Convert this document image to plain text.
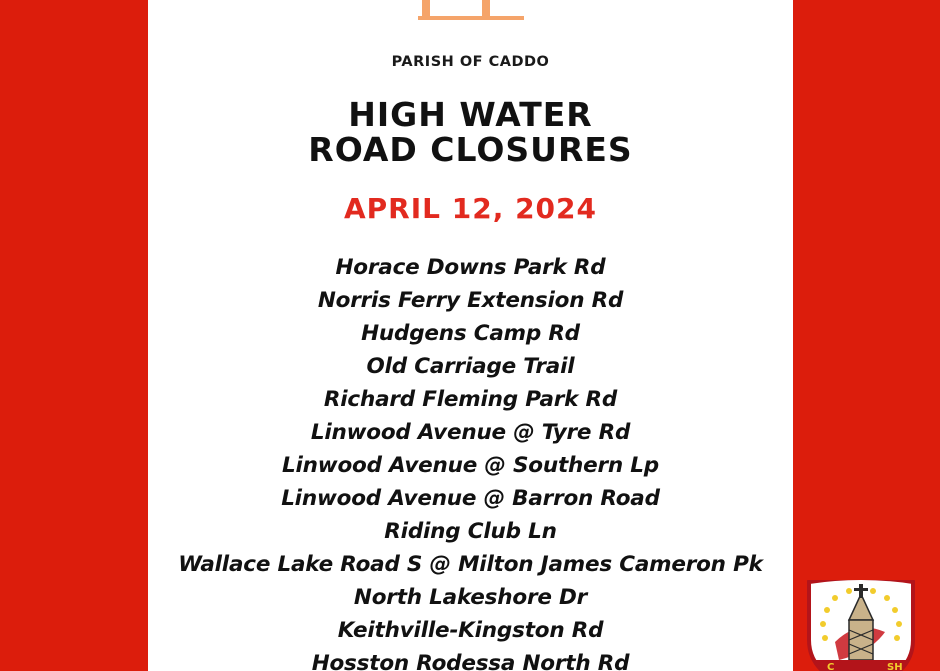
PARISH OF CADDO
HIGH WATER
ROAD CLOSURES
APRIL 12, 2024
Horace Downs Park Rd
Norris Ferry Extension Rd
Hudgens Camp Rd
Old Carriage Trail
Richard Fleming Park Rd
Linwood Avenue @ Tyre Rd
Linwood Avenue @ Southern Lp
Linwood Avenue @ Barron Road
Riding Club Ln
Wallace Lake Road S @ Milton James Cameron Pk
North Lakeshore Dr
Keithville-Kingston Rd
Hosston Rodessa North Rd	C	SH
